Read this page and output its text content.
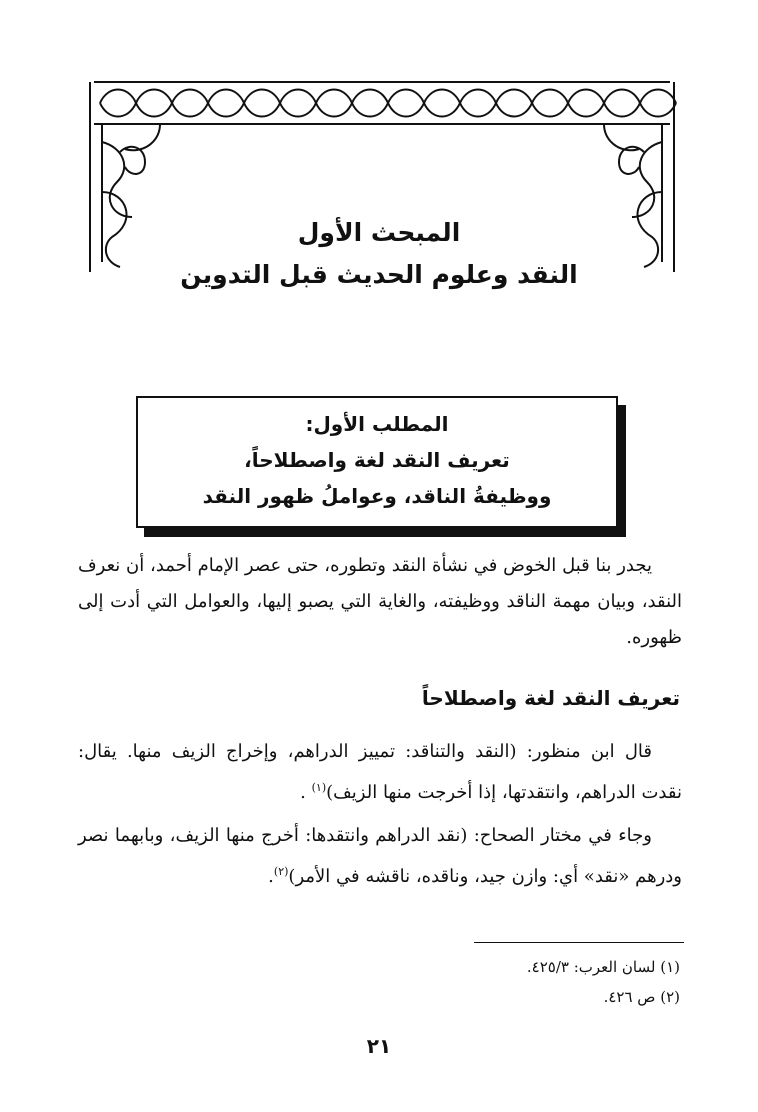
المبحث الأول
النقد وعلوم الحديث قبل التدوين
المطلب الأول:
تعريف النقد لغة واصطلاحاً،
ووظيفةُ الناقد، وعواملُ ظهور النقد
يجدر بنا قبل الخوض في نشأة النقد وتطوره، حتى عصر الإمام أحمد، أن نعرف النقد، وبيان مهمة الناقد ووظيفته، والغاية التي يصبو إليها، والعوامل التي أدت إلى ظهوره.
تعريف النقد لغة واصطلاحاً
قال ابن منظور: (النقد والتناقد: تمييز الدراهم، وإخراج الزيف منها. يقال: نقدت الدراهم، وانتقدتها، إذا أخرجت منها الزيف)$^{(١)}$ .
وجاء في مختار الصحاح: (نقد الدراهم وانتقدها: أخرج منها الزيف، وبابهما نصر ودرهم «نقد» أي: وازن جيد، وناقده، ناقشه في الأمر)$^{(٢)}$.
(١) لسان العرب: ٤٢٥/٣.
(٢) ص ٤٢٦.
٢١
